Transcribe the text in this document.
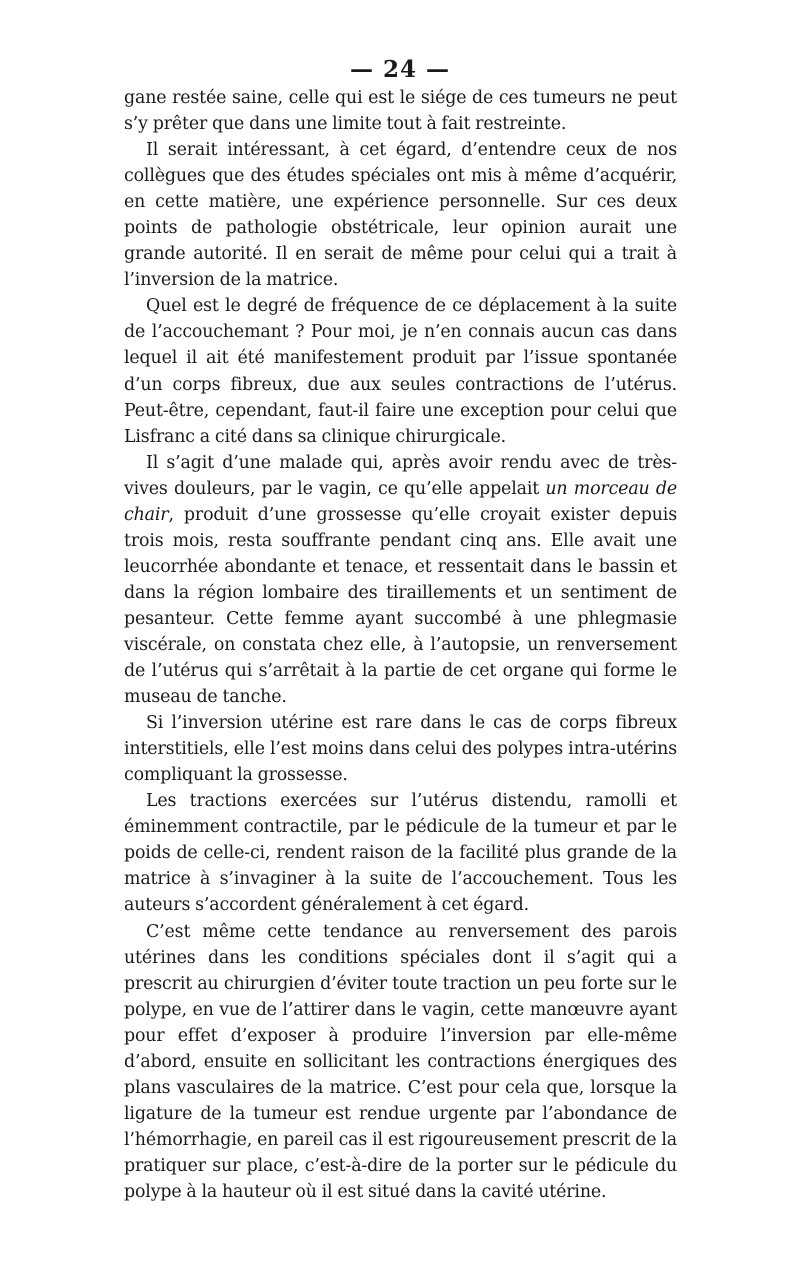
— 24 —

gane restée saine, celle qui est le siége de ces tumeurs ne peut s’y prêter que dans une limite tout à fait restreinte.

Il serait intéressant, à cet égard, d’entendre ceux de nos collègues que des études spéciales ont mis à même d’acquérir, en cette matière, une expérience personnelle. Sur ces deux points de pathologie obstétricale, leur opinion aurait une grande autorité. Il en serait de même pour celui qui a trait à l’inversion de la matrice.

Quel est le degré de fréquence de ce déplacement à la suite de l’accouchemant ? Pour moi, je n’en connais aucun cas dans lequel il ait été manifestement produit par l’issue spontanée d’un corps fibreux, due aux seules contractions de l’utérus. Peut-être, cependant, faut-il faire une exception pour celui que Lisfranc a cité dans sa clinique chirurgicale.

Il s’agit d’une malade qui, après avoir rendu avec de très-vives douleurs, par le vagin, ce qu’elle appelait un morceau de chair, produit d’une grossesse qu’elle croyait exister depuis trois mois, resta souffrante pendant cinq ans. Elle avait une leucorrhée abondante et tenace, et ressentait dans le bassin et dans la région lombaire des tiraillements et un sentiment de pesanteur. Cette femme ayant succombé à une phlegmasie viscérale, on constata chez elle, à l’autopsie, un renversement de l’utérus qui s’arrêtait à la partie de cet organe qui forme le museau de tanche.

Si l’inversion utérine est rare dans le cas de corps fibreux interstitiels, elle l’est moins dans celui des polypes intra-utérins compliquant la grossesse.

Les tractions exercées sur l’utérus distendu, ramolli et éminemment contractile, par le pédicule de la tumeur et par le poids de celle-ci, rendent raison de la facilité plus grande de la matrice à s’invaginer à la suite de l’accouchement. Tous les auteurs s’accordent généralement à cet égard.

C’est même cette tendance au renversement des parois utérines dans les conditions spéciales dont il s’agit qui a prescrit au chirurgien d’éviter toute traction un peu forte sur le polype, en vue de l’attirer dans le vagin, cette manœuvre ayant pour effet d’exposer à produire l’inversion par elle-même d’abord, ensuite en sollicitant les contractions énergiques des plans vasculaires de la matrice. C’est pour cela que, lorsque la ligature de la tumeur est rendue urgente par l’abondance de l’hémorrhagie, en pareil cas il est rigoureusement prescrit de la pratiquer sur place, c’est-à-dire de la porter sur le pédicule du polype à la hauteur où il est situé dans la cavité utérine.
